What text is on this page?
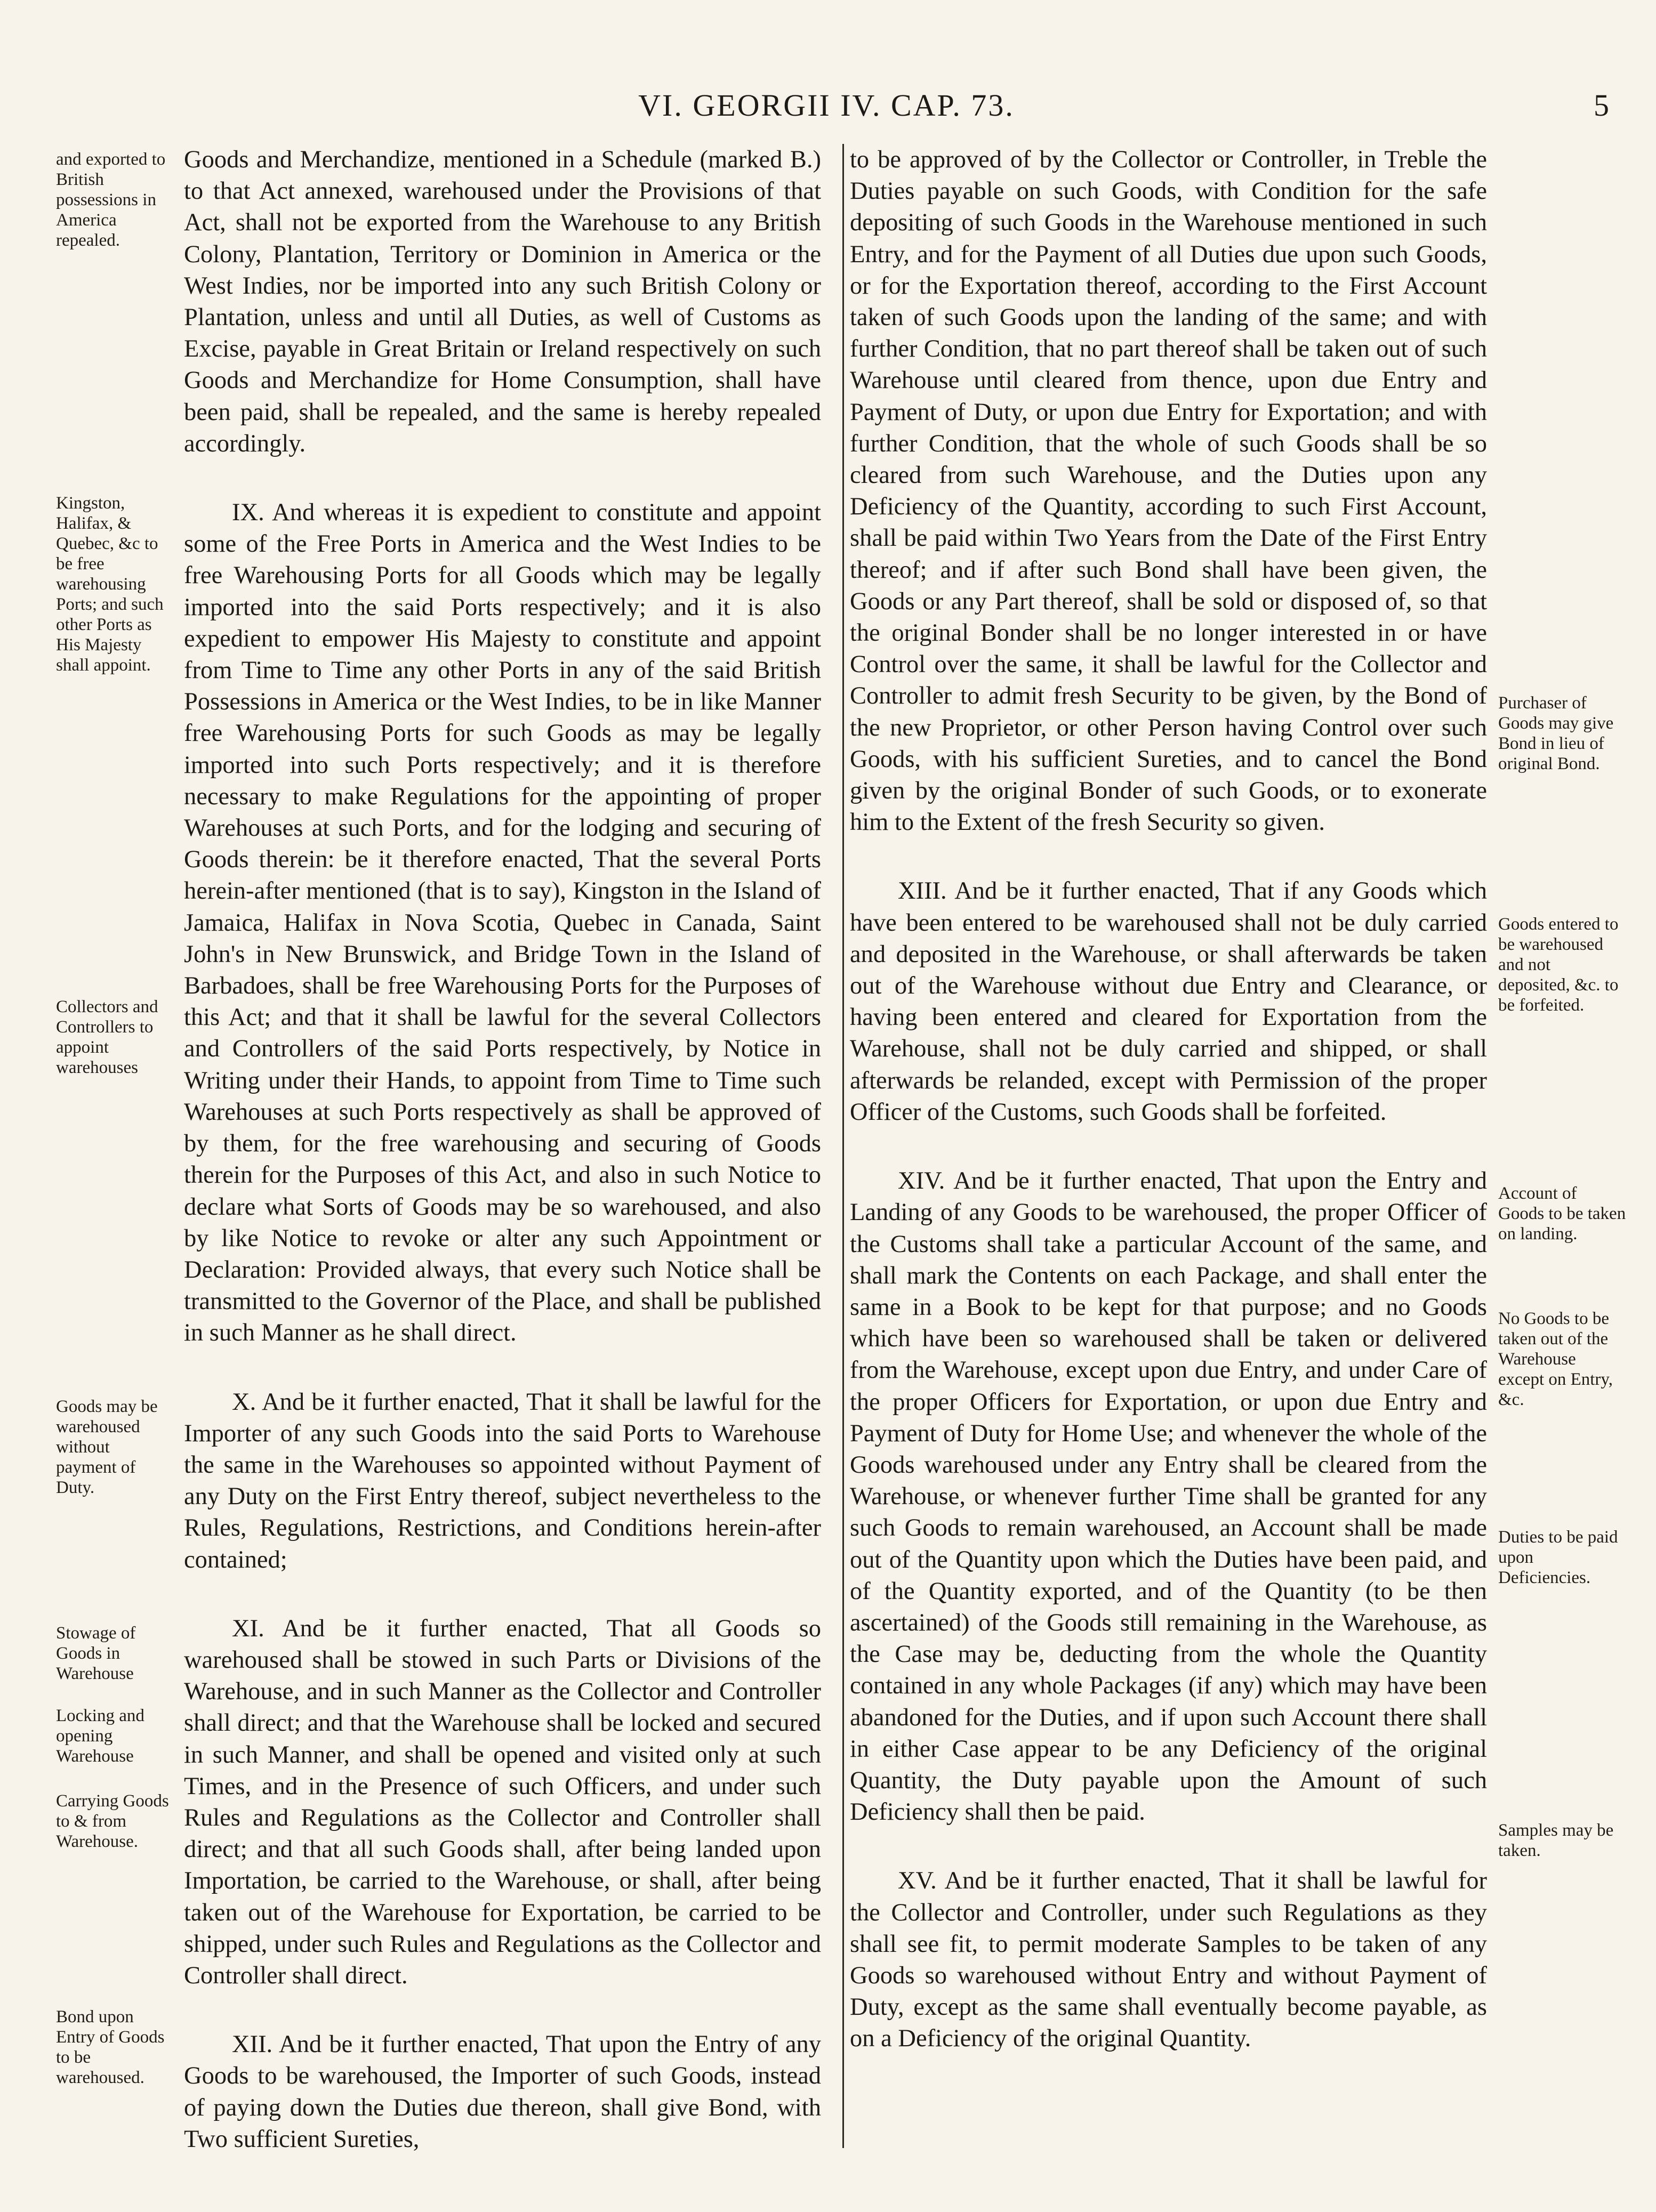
VI. GEORGII IV. CAP. 73.	5

Goods and Merchandize, mentioned in a Schedule (marked B.) to that Act annexed, warehoused under the Provisions of that Act, shall not be exported from the Warehouse to any British Colony, Plantation, Territory or Dominion in America or the West Indies, nor be imported into any such British Colony or Plantation, unless and until all Duties, as well of Customs as Excise, payable in Great Britain or Ireland respectively on such Goods and Merchandize for Home Consumption, shall have been paid, shall be repealed, and the same is hereby repealed accordingly.

IX. And whereas it is expedient to constitute and appoint some of the Free Ports in America and the West Indies to be free Warehousing Ports for all Goods which may be legally imported into the said Ports respectively; and it is also expedient to empower His Majesty to constitute and appoint from Time to Time any other Ports in any of the said British Possessions in America or the West Indies, to be in like Manner free Warehousing Ports for such Goods as may be legally imported into such Ports respectively; and it is therefore necessary to make Regulations for the appointing of proper Warehouses at such Ports, and for the lodging and securing of Goods therein: be it therefore enacted, That the several Ports herein-after mentioned (that is to say), Kingston in the Island of Jamaica, Halifax in Nova Scotia, Quebec in Canada, Saint John's in New Brunswick, and Bridge Town in the Island of Barbadoes, shall be free Warehousing Ports for the Purposes of this Act; and that it shall be lawful for the several Collectors and Controllers of the said Ports respectively, by Notice in Writing under their Hands, to appoint from Time to Time such Warehouses at such Ports respectively as shall be approved of by them, for the free warehousing and securing of Goods therein for the Purposes of this Act, and also in such Notice to declare what Sorts of Goods may be so warehoused, and also by like Notice to revoke or alter any such Appointment or Declaration: Provided always, that every such Notice shall be transmitted to the Governor of the Place, and shall be published in such Manner as he shall direct.

X. And be it further enacted, That it shall be lawful for the Importer of any such Goods into the said Ports to Warehouse the same in the Warehouses so appointed without Payment of any Duty on the First Entry thereof, subject nevertheless to the Rules, Regulations, Restrictions, and Conditions herein-after contained;

XI. And be it further enacted, That all Goods so warehoused shall be stowed in such Parts or Divisions of the Warehouse, and in such Manner as the Collector and Controller shall direct; and that the Warehouse shall be locked and secured in such Manner, and shall be opened and visited only at such Times, and in the Presence of such Officers, and under such Rules and Regulations as the Collector and Controller shall direct; and that all such Goods shall, after being landed upon Importation, be carried to the Warehouse, or shall, after being taken out of the Warehouse for Exportation, be carried to be shipped, under such Rules and Regulations as the Collector and Controller shall direct.

XII. And be it further enacted, That upon the Entry of any Goods to be warehoused, the Importer of such Goods, instead of paying down the Duties due thereon, shall give Bond, with Two sufficient Sureties,

and exported to British possessions in America repealed.
Kingston, Halifax, & Quebec, &c to be free warehousing Ports; and such other Ports as His Majesty shall appoint.
Collectors and Controllers to appoint warehouses
Goods may be warehoused without payment of Duty.
Stowage of Goods in Warehouse
Locking and opening Warehouse
Carrying Goods to & from Warehouse.
Bond upon Entry of Goods to be warehoused.

to be approved of by the Collector or Controller, in Treble the Duties payable on such Goods, with Condition for the safe depositing of such Goods in the Warehouse mentioned in such Entry, and for the Payment of all Duties due upon such Goods, or for the Exportation thereof, according to the First Account taken of such Goods upon the landing of the same; and with further Condition, that no part thereof shall be taken out of such Warehouse until cleared from thence, upon due Entry and Payment of Duty, or upon due Entry for Exportation; and with further Condition, that the whole of such Goods shall be so cleared from such Warehouse, and the Duties upon any Deficiency of the Quantity, according to such First Account, shall be paid within Two Years from the Date of the First Entry thereof; and if after such Bond shall have been given, the Goods or any Part thereof, shall be sold or disposed of, so that the original Bonder shall be no longer interested in or have Control over the same, it shall be lawful for the Collector and Controller to admit fresh Security to be given, by the Bond of the new Proprietor, or other Person having Control over such Goods, with his sufficient Sureties, and to cancel the Bond given by the original Bonder of such Goods, or to exonerate him to the Extent of the fresh Security so given.

XIII. And be it further enacted, That if any Goods which have been entered to be warehoused shall not be duly carried and deposited in the Warehouse, or shall afterwards be taken out of the Warehouse without due Entry and Clearance, or having been entered and cleared for Exportation from the Warehouse, shall not be duly carried and shipped, or shall afterwards be relanded, except with Permission of the proper Officer of the Customs, such Goods shall be forfeited.

XIV. And be it further enacted, That upon the Entry and Landing of any Goods to be warehoused, the proper Officer of the Customs shall take a particular Account of the same, and shall mark the Contents on each Package, and shall enter the same in a Book to be kept for that purpose; and no Goods which have been so warehoused shall be taken or delivered from the Warehouse, except upon due Entry, and under Care of the proper Officers for Exportation, or upon due Entry and Payment of Duty for Home Use; and whenever the whole of the Goods warehoused under any Entry shall be cleared from the Warehouse, or whenever further Time shall be granted for any such Goods to remain warehoused, an Account shall be made out of the Quantity upon which the Duties have been paid, and of the Quantity exported, and of the Quantity (to be then ascertained) of the Goods still remaining in the Warehouse, as the Case may be, deducting from the whole the Quantity contained in any whole Packages (if any) which may have been abandoned for the Duties, and if upon such Account there shall in either Case appear to be any Deficiency of the original Quantity, the Duty payable upon the Amount of such Deficiency shall then be paid.

XV. And be it further enacted, That it shall be lawful for the Collector and Controller, under such Regulations as they shall see fit, to permit moderate Samples to be taken of any Goods so warehoused without Entry and without Payment of Duty, except as the same shall eventually become payable, as on a Deficiency of the original Quantity.

Purchaser of Goods may give Bond in lieu of original Bond.
Goods entered to be warehoused and not deposited, &c. to be forfeited.
Account of Goods to be taken on landing.
No Goods to be taken out of the Warehouse except on Entry, &c.
Duties to be paid upon Deficiencies.
Samples may be taken.
